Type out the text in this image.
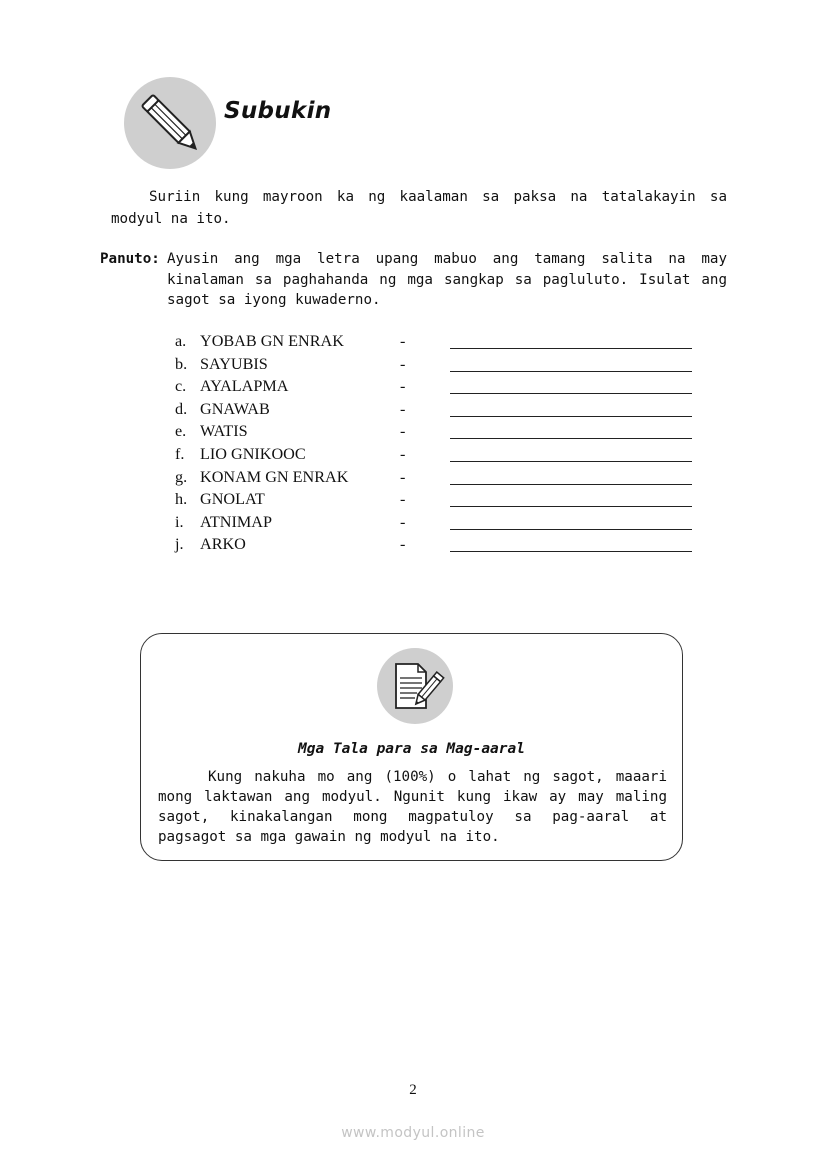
Subukin
Suriin kung mayroon ka ng kaalaman sa paksa na tatalakayin sa modyul na ito.
Panuto: Ayusin ang mga letra upang mabuo ang tamang salita na may kinalaman sa paghahanda ng mga sangkap sa pagluluto. Isulat ang sagot sa iyong kuwaderno.
a. YOBAB GN ENRAK	-
b. SAYUBIS	-
c. AYALAPMA	-
d. GNAWAB	-
e. WATIS	-
f. LIO GNIKOOC	-
g. KONAM GN ENRAK	-
h. GNOLAT	-
i. ATNIMAP	-
j. ARKO	-
Mga Tala para sa Mag-aaral
Kung nakuha mo ang (100%) o lahat ng sagot, maaari mong laktawan ang modyul. Ngunit kung ikaw ay may maling sagot, kinakalangan mong magpatuloy sa pag-aaral at pagsagot sa mga gawain ng modyul na ito.
2
www.modyul.online
